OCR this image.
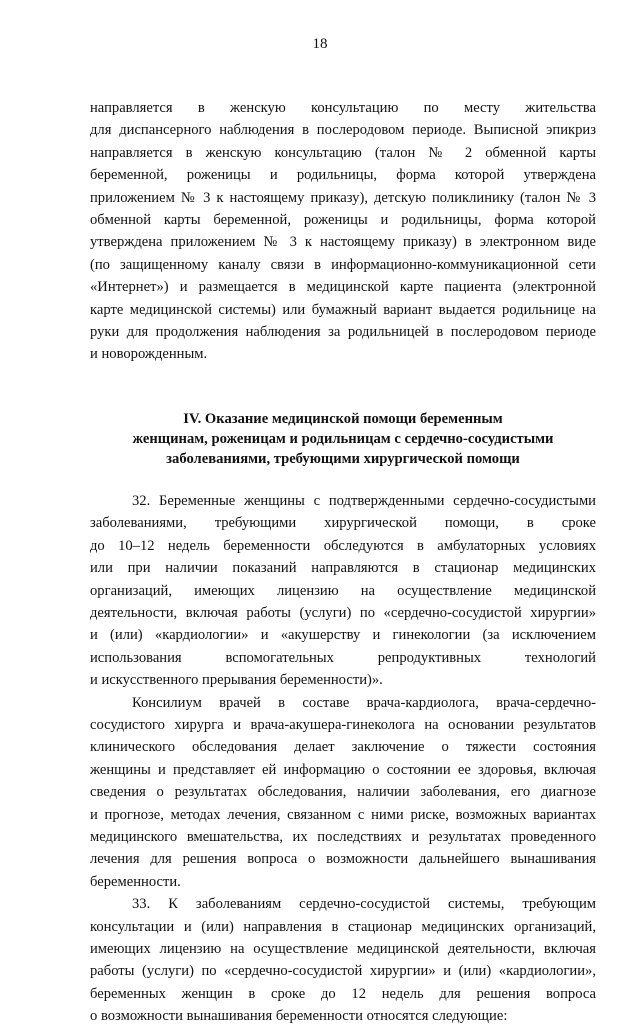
18

направляется в женскую консультацию по месту жительства
для диспансерного наблюдения в послеродовом периоде. Выписной эпикриз
направляется в женскую консультацию (талон № 2 обменной карты
беременной, роженицы и родильницы, форма которой утверждена
приложением № 3 к настоящему приказу), детскую поликлинику (талон № 3
обменной карты беременной, роженицы и родильницы, форма которой
утверждена приложением № 3 к настоящему приказу) в электронном виде
(по защищенному каналу связи в информационно-коммуникационной сети
«Интернет») и размещается в медицинской карте пациента (электронной
карте медицинской системы) или бумажный вариант выдается родильнице на
руки для продолжения наблюдения за родильницей в послеродовом периоде
и новорожденным.

IV. Оказание медицинской помощи беременным
женщинам, роженицам и родильницам с сердечно-сосудистыми
заболеваниями, требующими хирургической помощи

32. Беременные женщины с подтвержденными сердечно-сосудистыми
заболеваниями, требующими хирургической помощи, в сроке
до 10–12 недель беременности обследуются в амбулаторных условиях
или при наличии показаний направляются в стационар медицинских
организаций, имеющих лицензию на осуществление медицинской
деятельности, включая работы (услуги) по «сердечно-сосудистой хирургии»
и (или) «кардиологии» и «акушерству и гинекологии (за исключением
использования вспомогательных репродуктивных технологий
и искусственного прерывания беременности)».

Консилиум врачей в составе врача-кардиолога, врача-сердечно-
сосудистого хирурга и врача-акушера-гинеколога на основании результатов
клинического обследования делает заключение о тяжести состояния
женщины и представляет ей информацию о состоянии ее здоровья, включая
сведения о результатах обследования, наличии заболевания, его диагнозе
и прогнозе, методах лечения, связанном с ними риске, возможных вариантах
медицинского вмешательства, их последствиях и результатах проведенного
лечения для решения вопроса о возможности дальнейшего вынашивания
беременности.

33. К заболеваниям сердечно-сосудистой системы, требующим
консультации и (или) направления в стационар медицинских организаций,
имеющих лицензию на осуществление медицинской деятельности, включая
работы (услуги) по «сердечно-сосудистой хирургии» и (или) «кардиологии»,
беременных женщин в сроке до 12 недель для решения вопроса
о возможности вынашивания беременности относятся следующие:
